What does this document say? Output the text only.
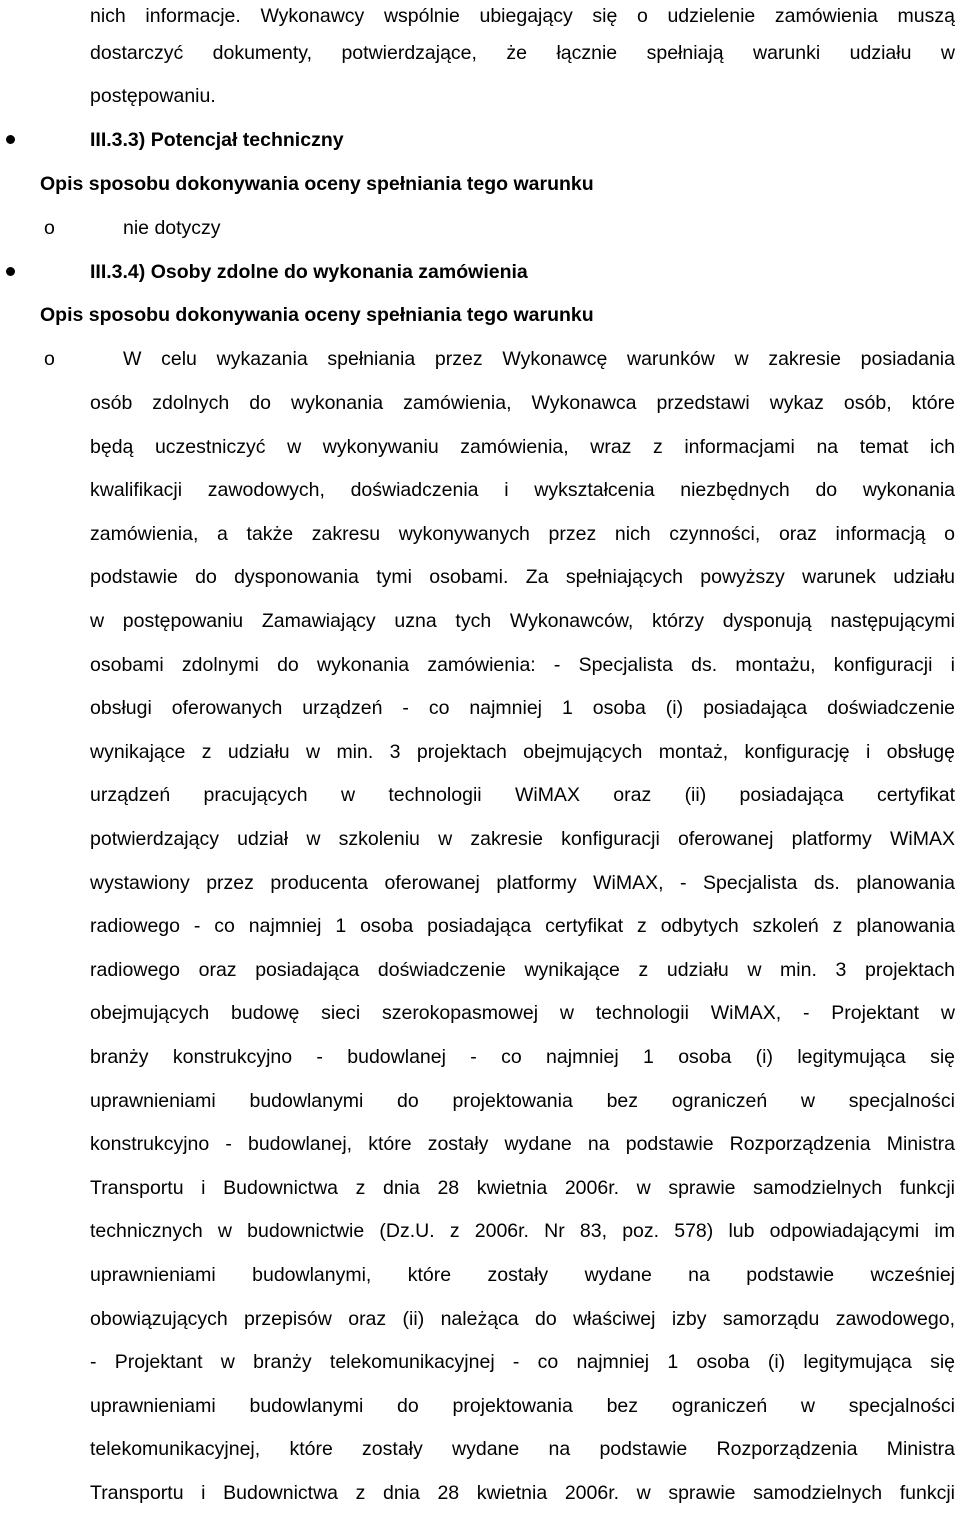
nich informacje. Wykonawcy wspólnie ubiegający się o udzielenie zamówienia muszą
dostarczyć dokumenty, potwierdzające, że łącznie spełniają warunki udziału w
postępowaniu.
III.3.3) Potencjał techniczny
Opis sposobu dokonywania oceny spełniania tego warunku
o	nie dotyczy
III.3.4) Osoby zdolne do wykonania zamówienia
Opis sposobu dokonywania oceny spełniania tego warunku
o	W celu wykazania spełniania przez Wykonawcę warunków w zakresie posiadania
osób zdolnych do wykonania zamówienia, Wykonawca przedstawi wykaz osób, które
będą uczestniczyć w wykonywaniu zamówienia, wraz z informacjami na temat ich
kwalifikacji zawodowych, doświadczenia i wykształcenia niezbędnych do wykonania
zamówienia, a także zakresu wykonywanych przez nich czynności, oraz informacją o
podstawie do dysponowania tymi osobami. Za spełniających powyższy warunek udziału
w postępowaniu Zamawiający uzna tych Wykonawców, którzy dysponują następującymi
osobami zdolnymi do wykonania zamówienia: - Specjalista ds. montażu, konfiguracji i
obsługi oferowanych urządzeń - co najmniej 1 osoba (i) posiadająca doświadczenie
wynikające z udziału w min. 3 projektach obejmujących montaż, konfigurację i obsługę
urządzeń pracujących w technologii WiMAX oraz (ii) posiadająca certyfikat
potwierdzający udział w szkoleniu w zakresie konfiguracji oferowanej platformy WiMAX
wystawiony przez producenta oferowanej platformy WiMAX, - Specjalista ds. planowania
radiowego - co najmniej 1 osoba posiadająca certyfikat z odbytych szkoleń z planowania
radiowego oraz posiadająca doświadczenie wynikające z udziału w min. 3 projektach
obejmujących budowę sieci szerokopasmowej w technologii WiMAX, - Projektant w
branży konstrukcyjno - budowlanej - co najmniej 1 osoba (i) legitymująca się
uprawnieniami budowlanymi do projektowania bez ograniczeń w specjalności
konstrukcyjno - budowlanej, które zostały wydane na podstawie Rozporządzenia Ministra
Transportu i Budownictwa z dnia 28 kwietnia 2006r. w sprawie samodzielnych funkcji
technicznych w budownictwie (Dz.U. z 2006r. Nr 83, poz. 578) lub odpowiadającymi im
uprawnieniami budowlanymi, które zostały wydane na podstawie wcześniej
obowiązujących przepisów oraz (ii) należąca do właściwej izby samorządu zawodowego,
- Projektant w branży telekomunikacyjnej - co najmniej 1 osoba (i) legitymująca się
uprawnieniami budowlanymi do projektowania bez ograniczeń w specjalności
telekomunikacyjnej, które zostały wydane na podstawie Rozporządzenia Ministra
Transportu i Budownictwa z dnia 28 kwietnia 2006r. w sprawie samodzielnych funkcji
